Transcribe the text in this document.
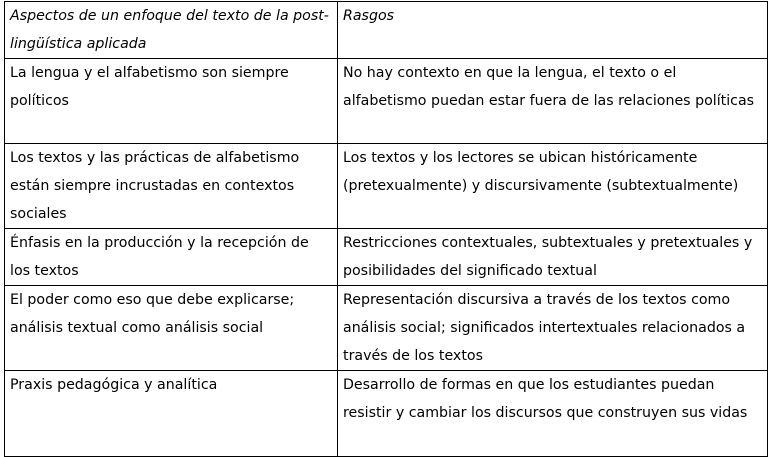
Aspectos de un enfoque del texto de la post-lingüística aplicada	Rasgos
La lengua y el alfabetismo son siempre políticos	No hay contexto en que la lengua, el texto o el alfabetismo puedan estar fuera de las relaciones políticas
Los textos y las prácticas de alfabetismo están siempre incrustadas en contextos sociales	Los textos y los lectores se ubican históricamente (pretexualmente) y discursivamente (subtextualmente)
Énfasis en la producción y la recepción de los textos	Restricciones contextuales, subtextuales y pretextuales y posibilidades del significado textual
El poder como eso que debe explicarse; análisis textual como análisis social	Representación discursiva a través de los textos como análisis social; significados intertextuales relacionados a través de los textos
Praxis pedagógica y analítica	Desarrollo de formas en que los estudiantes puedan resistir y cambiar los discursos que construyen sus vidas
